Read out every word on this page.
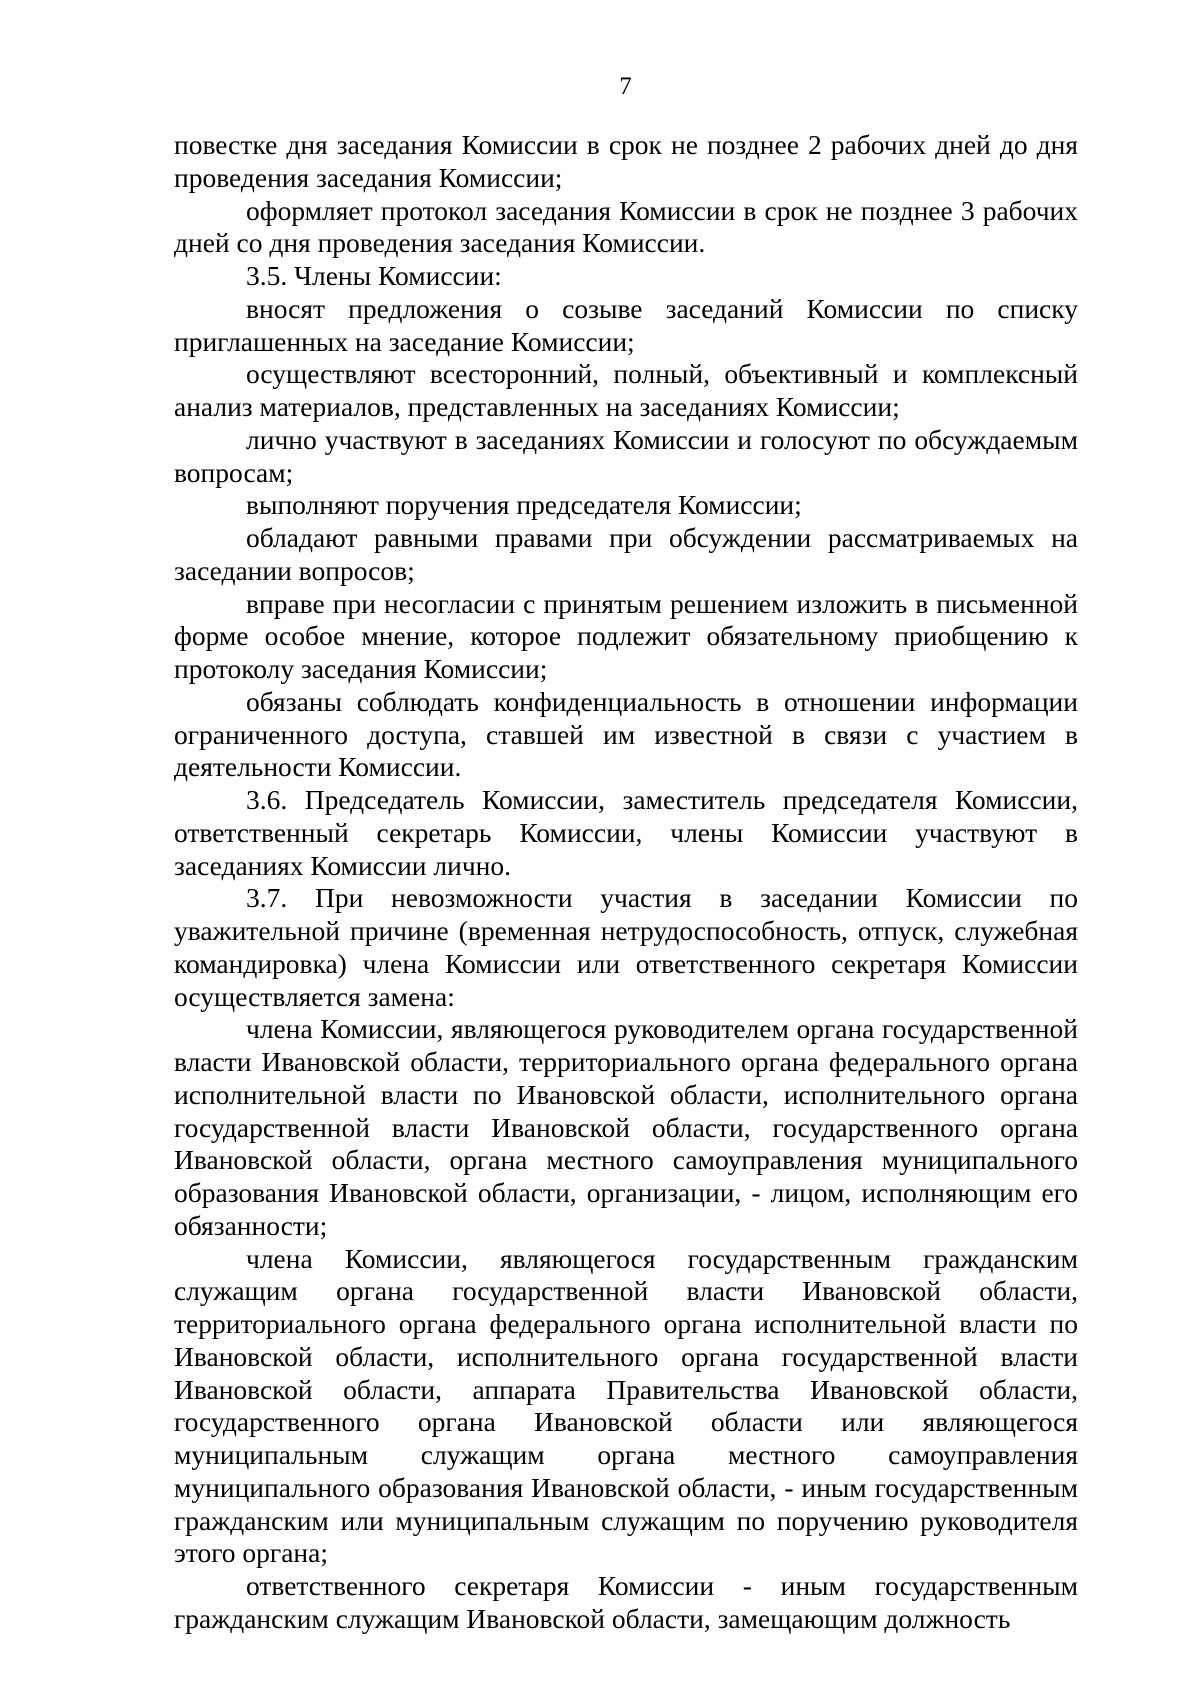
7

повестке дня заседания Комиссии в срок не позднее 2 рабочих дней до дня проведения заседания Комиссии;

оформляет протокол заседания Комиссии в срок не позднее 3 рабочих дней со дня проведения заседания Комиссии.

3.5. Члены Комиссии:

вносят предложения о созыве заседаний Комиссии по списку приглашенных на заседание Комиссии;

осуществляют всесторонний, полный, объективный и комплексный анализ материалов, представленных на заседаниях Комиссии;

лично участвуют в заседаниях Комиссии и голосуют по обсуждаемым вопросам;

выполняют поручения председателя Комиссии;

обладают равными правами при обсуждении рассматриваемых на заседании вопросов;

вправе при несогласии с принятым решением изложить в письменной форме особое мнение, которое подлежит обязательному приобщению к протоколу заседания Комиссии;

обязаны соблюдать конфиденциальность в отношении информации ограниченного доступа, ставшей им известной в связи с участием в деятельности Комиссии.

3.6. Председатель Комиссии, заместитель председателя Комиссии, ответственный секретарь Комиссии, члены Комиссии участвуют в заседаниях Комиссии лично.

3.7. При невозможности участия в заседании Комиссии по уважительной причине (временная нетрудоспособность, отпуск, служебная командировка) члена Комиссии или ответственного секретаря Комиссии осуществляется замена:

члена Комиссии, являющегося руководителем органа государственной власти Ивановской области, территориального органа федерального органа исполнительной власти по Ивановской области, исполнительного органа государственной власти Ивановской области, государственного органа Ивановской области, органа местного самоуправления муниципального образования Ивановской области, организации, - лицом, исполняющим его обязанности;

члена Комиссии, являющегося государственным гражданским служащим органа государственной власти Ивановской области, территориального органа федерального органа исполнительной власти по Ивановской области, исполнительного органа государственной власти Ивановской области, аппарата Правительства Ивановской области, государственного органа Ивановской области или являющегося муниципальным служащим органа местного самоуправления муниципального образования Ивановской области, - иным государственным гражданским или муниципальным служащим по поручению руководителя этого органа;

ответственного секретаря Комиссии - иным государственным гражданским служащим Ивановской области, замещающим должность
